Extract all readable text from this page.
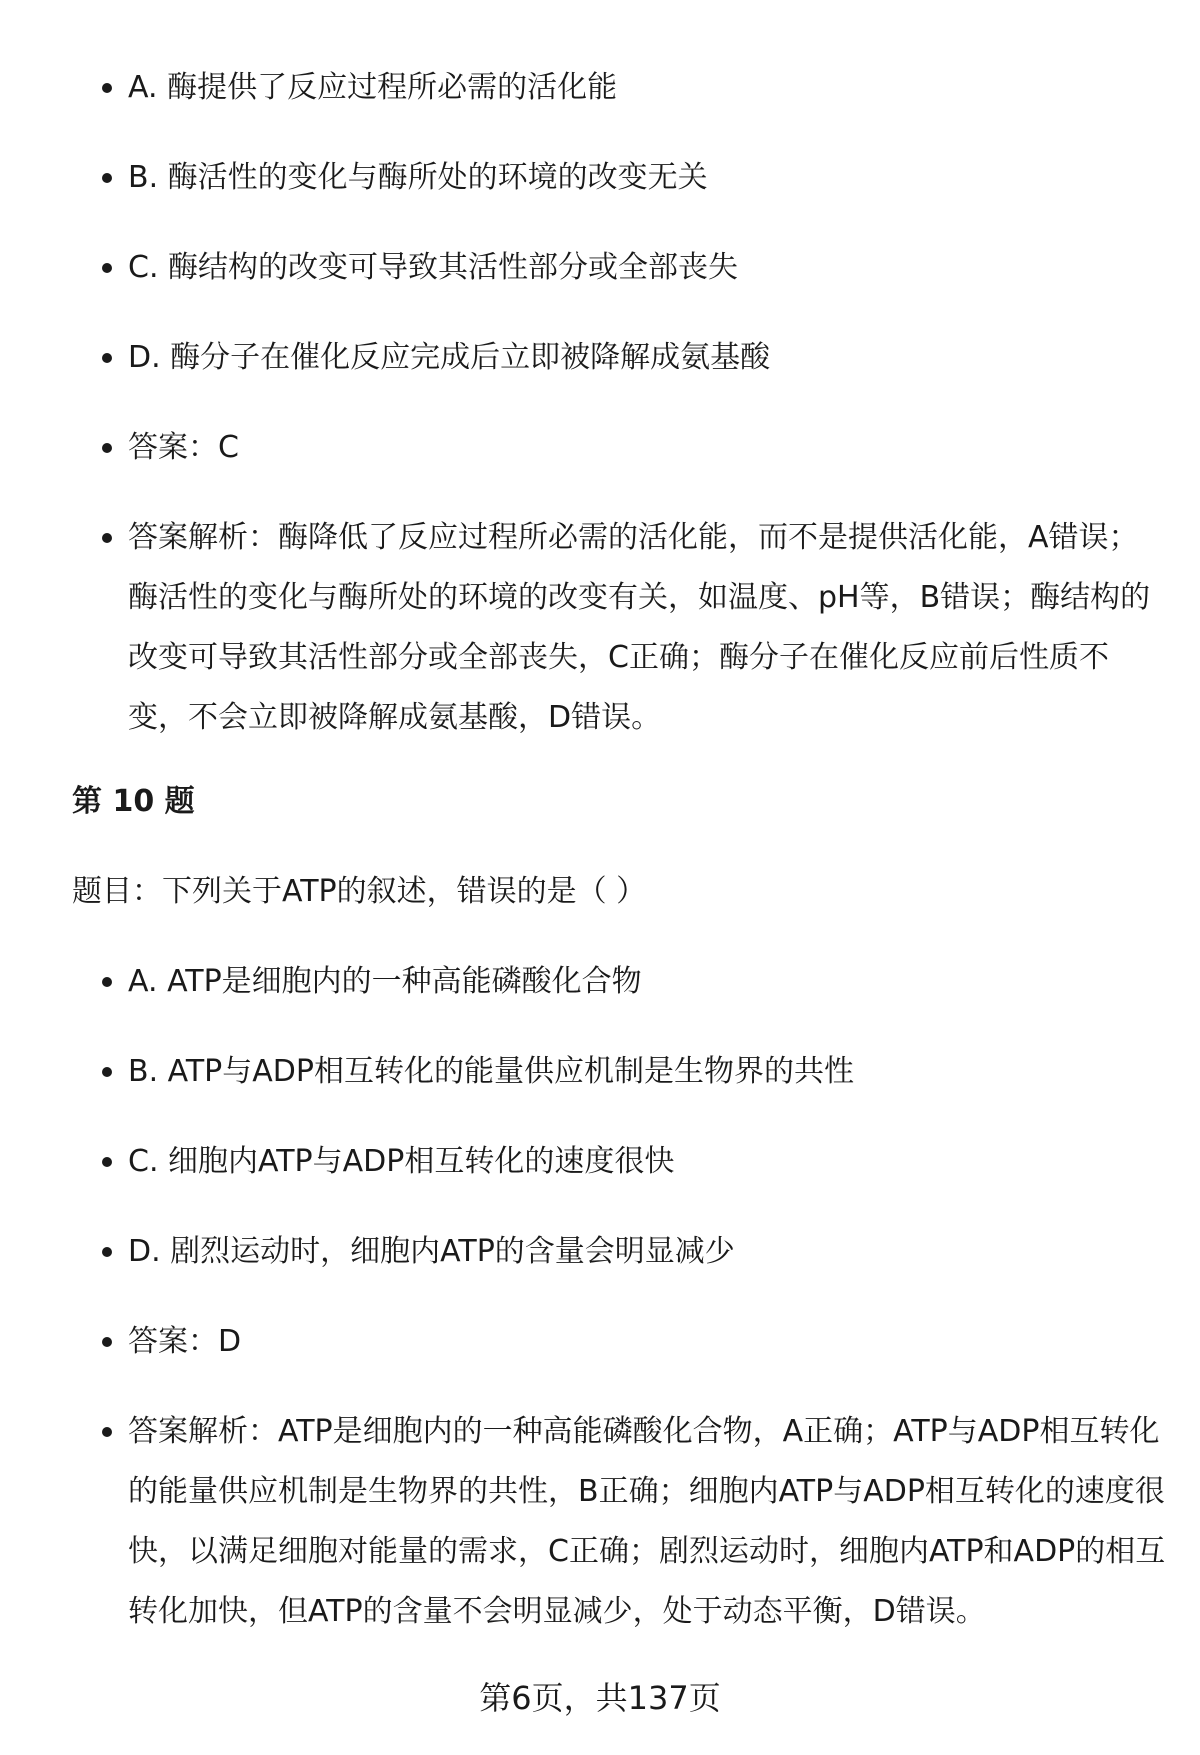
A. 酶提供了反应过程所必需的活化能
B. 酶活性的变化与酶所处的环境的改变无关
C. 酶结构的改变可导致其活性部分或全部丧失
D. 酶分子在催化反应完成后立即被降解成氨基酸
答案：C
答案解析：酶降低了反应过程所必需的活化能，而不是提供活化能，A错误；酶活性的变化与酶所处的环境的改变有关，如温度、pH等，B错误；酶结构的改变可导致其活性部分或全部丧失，C正确；酶分子在催化反应前后性质不变，不会立即被降解成氨基酸，D错误。
第 10 题

题目：下列关于ATP的叙述，错误的是（ ）

A. ATP是细胞内的一种高能磷酸化合物
B. ATP与ADP相互转化的能量供应机制是生物界的共性
C. 细胞内ATP与ADP相互转化的速度很快
D. 剧烈运动时，细胞内ATP的含量会明显减少
答案：D
答案解析：ATP是细胞内的一种高能磷酸化合物，A正确；ATP与ADP相互转化的能量供应机制是生物界的共性，B正确；细胞内ATP与ADP相互转化的速度很快，以满足细胞对能量的需求，C正确；剧烈运动时，细胞内ATP和ADP的相互转化加快，但ATP的含量不会明显减少，处于动态平衡，D错误。
第6页，共137页
